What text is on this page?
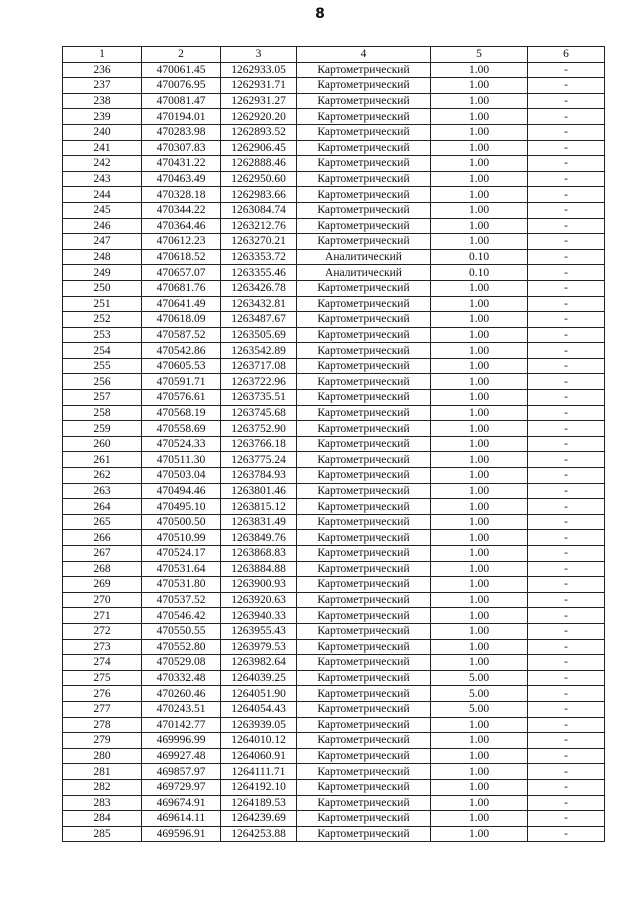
8
1	2	3	4	5	6
236	470061.45	1262933.05	Картометрический	1.00	-
237	470076.95	1262931.71	Картометрический	1.00	-
238	470081.47	1262931.27	Картометрический	1.00	-
239	470194.01	1262920.20	Картометрический	1.00	-
240	470283.98	1262893.52	Картометрический	1.00	-
241	470307.83	1262906.45	Картометрический	1.00	-
242	470431.22	1262888.46	Картометрический	1.00	-
243	470463.49	1262950.60	Картометрический	1.00	-
244	470328.18	1262983.66	Картометрический	1.00	-
245	470344.22	1263084.74	Картометрический	1.00	-
246	470364.46	1263212.76	Картометрический	1.00	-
247	470612.23	1263270.21	Картометрический	1.00	-
248	470618.52	1263353.72	Аналитический	0.10	-
249	470657.07	1263355.46	Аналитический	0.10	-
250	470681.76	1263426.78	Картометрический	1.00	-
251	470641.49	1263432.81	Картометрический	1.00	-
252	470618.09	1263487.67	Картометрический	1.00	-
253	470587.52	1263505.69	Картометрический	1.00	-
254	470542.86	1263542.89	Картометрический	1.00	-
255	470605.53	1263717.08	Картометрический	1.00	-
256	470591.71	1263722.96	Картометрический	1.00	-
257	470576.61	1263735.51	Картометрический	1.00	-
258	470568.19	1263745.68	Картометрический	1.00	-
259	470558.69	1263752.90	Картометрический	1.00	-
260	470524.33	1263766.18	Картометрический	1.00	-
261	470511.30	1263775.24	Картометрический	1.00	-
262	470503.04	1263784.93	Картометрический	1.00	-
263	470494.46	1263801.46	Картометрический	1.00	-
264	470495.10	1263815.12	Картометрический	1.00	-
265	470500.50	1263831.49	Картометрический	1.00	-
266	470510.99	1263849.76	Картометрический	1.00	-
267	470524.17	1263868.83	Картометрический	1.00	-
268	470531.64	1263884.88	Картометрический	1.00	-
269	470531.80	1263900.93	Картометрический	1.00	-
270	470537.52	1263920.63	Картометрический	1.00	-
271	470546.42	1263940.33	Картометрический	1.00	-
272	470550.55	1263955.43	Картометрический	1.00	-
273	470552.80	1263979.53	Картометрический	1.00	-
274	470529.08	1263982.64	Картометрический	1.00	-
275	470332.48	1264039.25	Картометрический	5.00	-
276	470260.46	1264051.90	Картометрический	5.00	-
277	470243.51	1264054.43	Картометрический	5.00	-
278	470142.77	1263939.05	Картометрический	1.00	-
279	469996.99	1264010.12	Картометрический	1.00	-
280	469927.48	1264060.91	Картометрический	1.00	-
281	469857.97	1264111.71	Картометрический	1.00	-
282	469729.97	1264192.10	Картометрический	1.00	-
283	469674.91	1264189.53	Картометрический	1.00	-
284	469614.11	1264239.69	Картометрический	1.00	-
285	469596.91	1264253.88	Картометрический	1.00	-
